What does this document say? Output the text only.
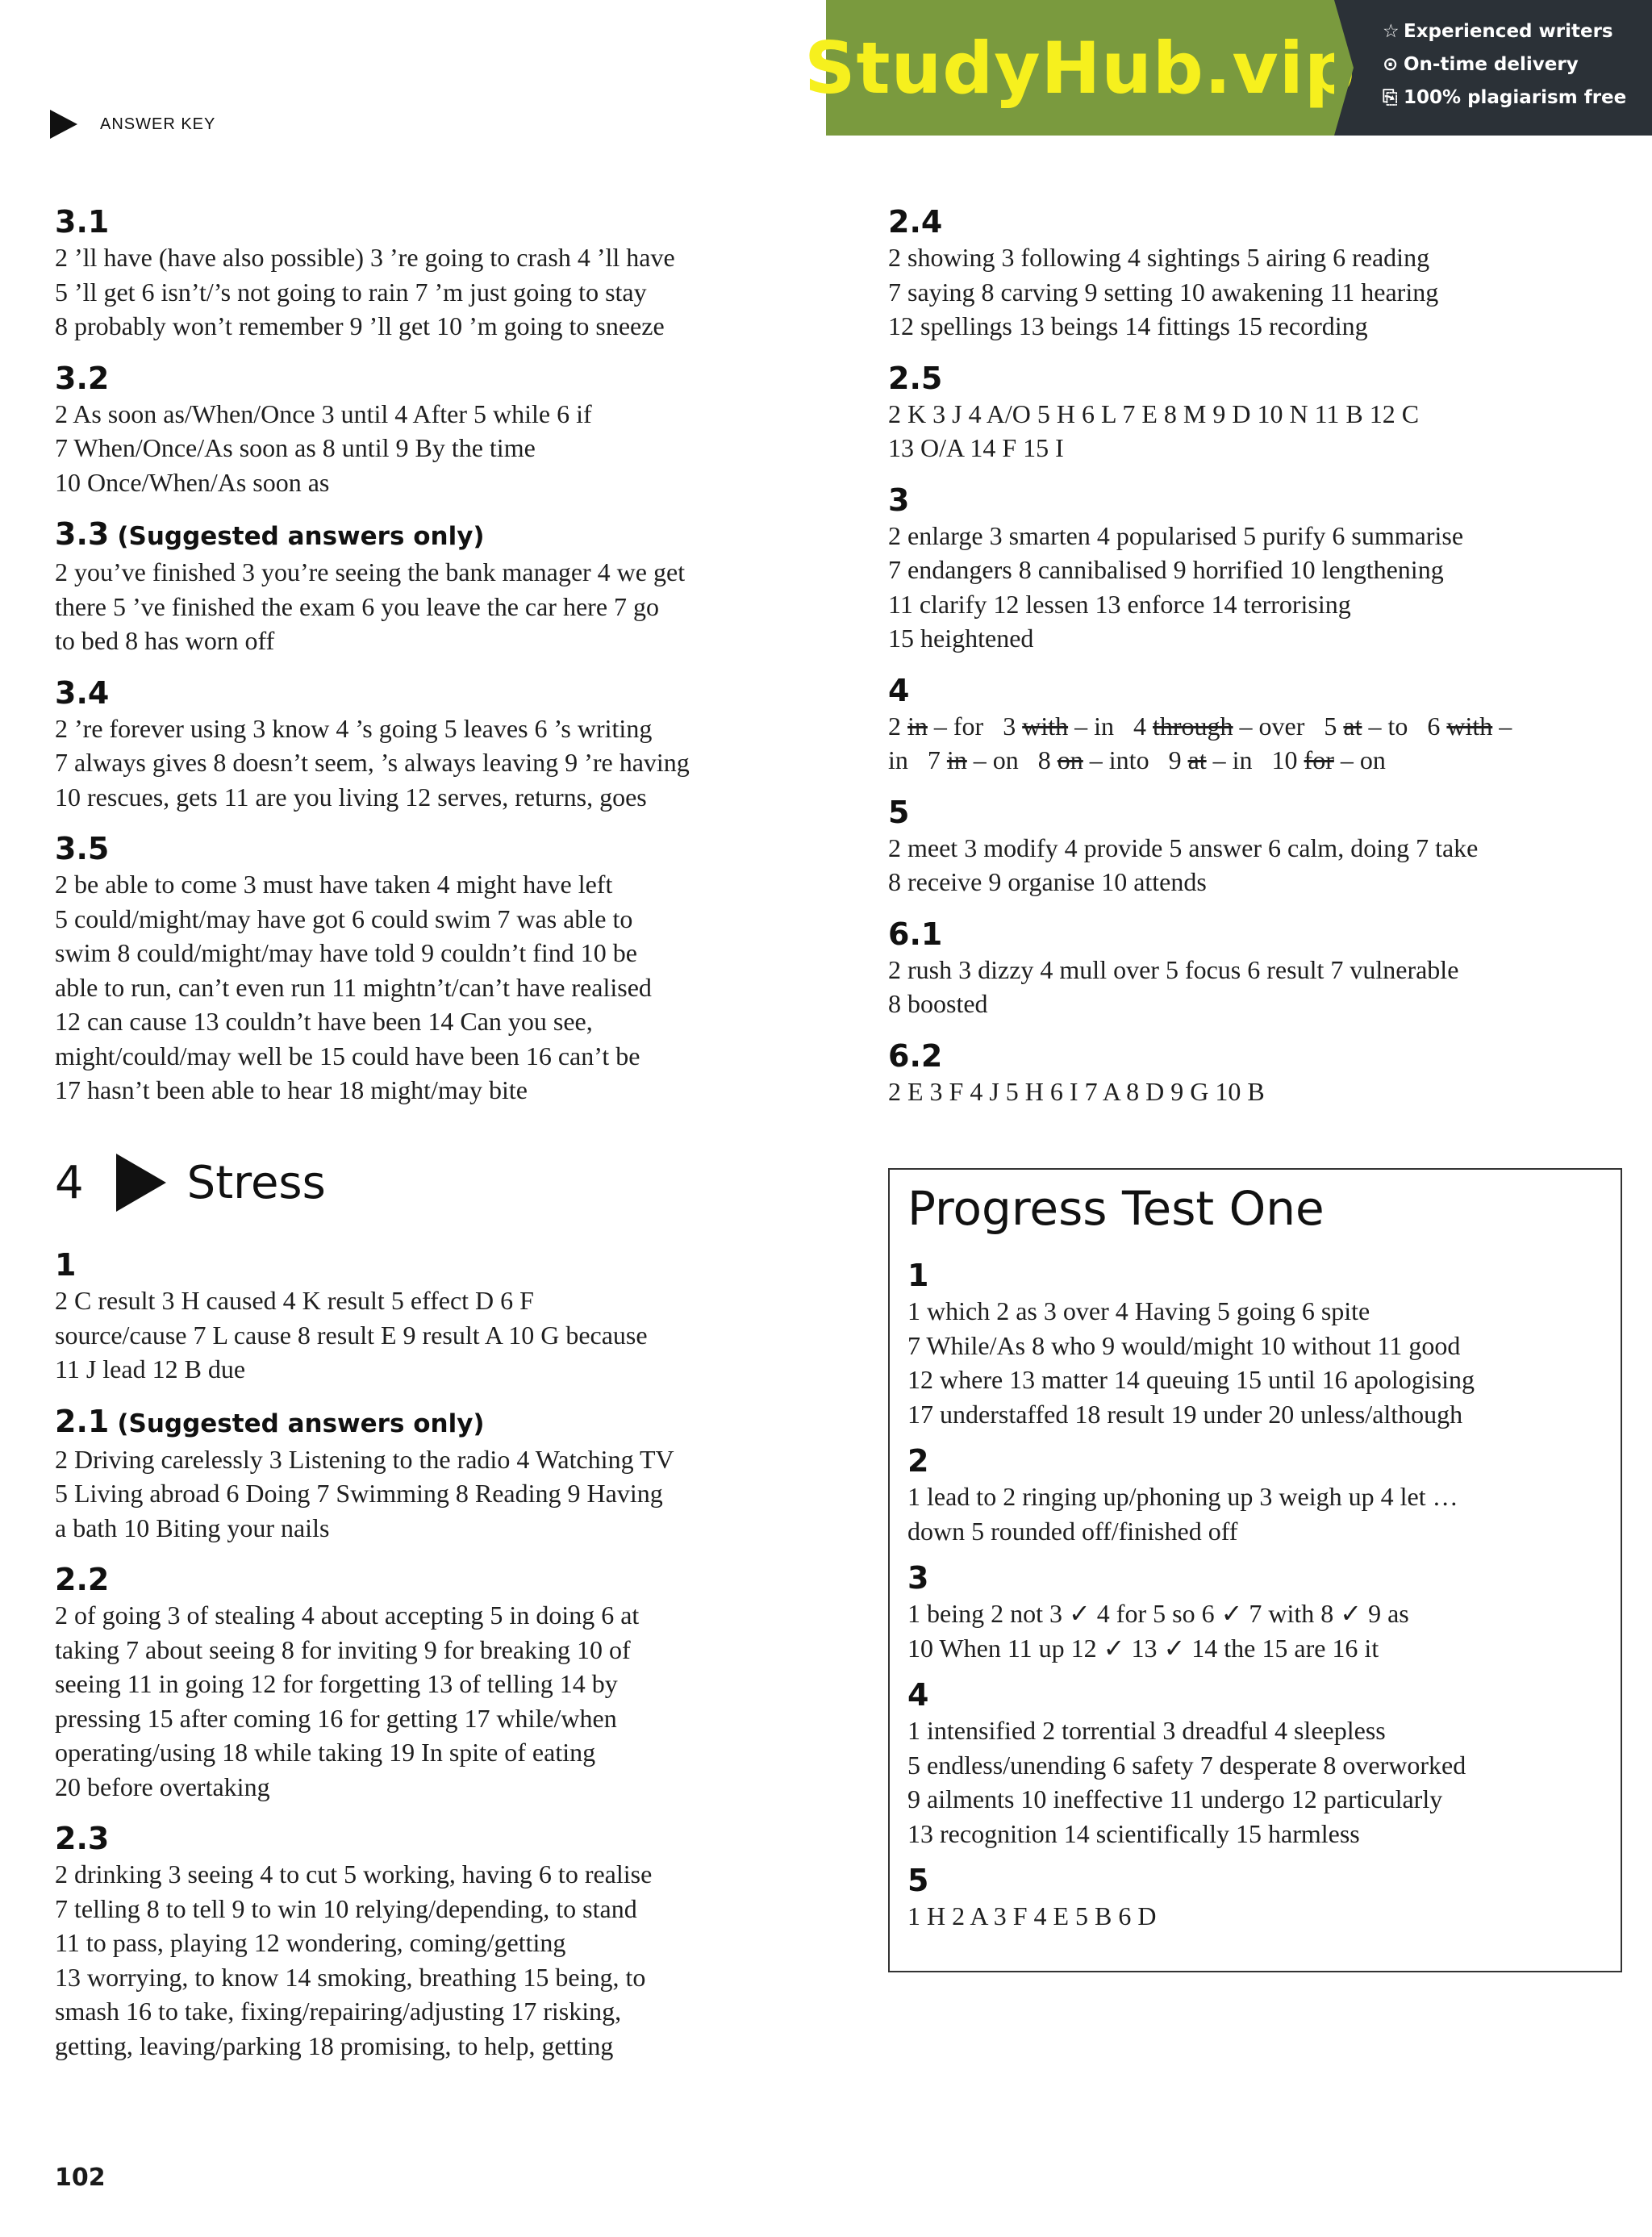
ANSWER KEY
StudyHub.vip ☆ Experienced writers
⊙ On-time delivery
⎘ 100% plagiarism free
3.1
2 ’ll have (have also possible) 3 ’re going to crash 4 ’ll have
5 ’ll get 6 isn’t/’s not going to rain 7 ’m just going to stay
8 probably won’t remember 9 ’ll get 10 ’m going to sneeze
3.2
2 As soon as/When/Once 3 until 4 After 5 while 6 if
7 When/Once/As soon as 8 until 9 By the time
10 Once/When/As soon as
3.3 (Suggested answers only)
2 you’ve finished 3 you’re seeing the bank manager 4 we get
there 5 ’ve finished the exam 6 you leave the car here 7 go
to bed 8 has worn off
3.4
2 ’re forever using 3 know 4 ’s going 5 leaves 6 ’s writing
7 always gives 8 doesn’t seem, ’s always leaving 9 ’re having
10 rescues, gets 11 are you living 12 serves, returns, goes
3.5
2 be able to come 3 must have taken 4 might have left
5 could/might/may have got 6 could swim 7 was able to
swim 8 could/might/may have told 9 couldn’t find 10 be
able to run, can’t even run 11 mightn’t/can’t have realised
12 can cause 13 couldn’t have been 14 Can you see,
might/could/may well be 15 could have been 16 can’t be
17 hasn’t been able to hear 18 might/may bite
4 Stress
1
2 C result 3 H caused 4 K result 5 effect D 6 F
source/cause 7 L cause 8 result E 9 result A 10 G because
11 J lead 12 B due
2.1 (Suggested answers only)
2 Driving carelessly 3 Listening to the radio 4 Watching TV
5 Living abroad 6 Doing 7 Swimming 8 Reading 9 Having
a bath 10 Biting your nails
2.2
2 of going 3 of stealing 4 about accepting 5 in doing 6 at
taking 7 about seeing 8 for inviting 9 for breaking 10 of
seeing 11 in going 12 for forgetting 13 of telling 14 by
pressing 15 after coming 16 for getting 17 while/when
operating/using 18 while taking 19 In spite of eating
20 before overtaking
2.3
2 drinking 3 seeing 4 to cut 5 working, having 6 to realise
7 telling 8 to tell 9 to win 10 relying/depending, to stand
11 to pass, playing 12 wondering, coming/getting
13 worrying, to know 14 smoking, breathing 15 being, to
smash 16 to take, fixing/repairing/adjusting 17 risking,
getting, leaving/parking 18 promising, to help, getting
2.4
2 showing 3 following 4 sightings 5 airing 6 reading
7 saying 8 carving 9 setting 10 awakening 11 hearing
12 spellings 13 beings 14 fittings 15 recording
2.5
2 K 3 J 4 A/O 5 H 6 L 7 E 8 M 9 D 10 N 11 B 12 C
13 O/A 14 F 15 I
3
2 enlarge 3 smarten 4 popularised 5 purify 6 summarise
7 endangers 8 cannibalised 9 horrified 10 lengthening
11 clarify 12 lessen 13 enforce 14 terrorising
15 heightened
4
2 in – for 3 with – in 4 through – over 5 at – to 6 with –
in 7 in – on 8 on – into 9 at – in 10 for – on
5
2 meet 3 modify 4 provide 5 answer 6 calm, doing 7 take
8 receive 9 organise 10 attends
6.1
2 rush 3 dizzy 4 mull over 5 focus 6 result 7 vulnerable
8 boosted
6.2
2 E 3 F 4 J 5 H 6 I 7 A 8 D 9 G 10 B
Progress Test One
1
1 which 2 as 3 over 4 Having 5 going 6 spite
7 While/As 8 who 9 would/might 10 without 11 good
12 where 13 matter 14 queuing 15 until 16 apologising
17 understaffed 18 result 19 under 20 unless/although
2
1 lead to 2 ringing up/phoning up 3 weigh up 4 let …
down 5 rounded off/finished off
3
1 being 2 not 3 ✓ 4 for 5 so 6 ✓ 7 with 8 ✓ 9 as
10 When 11 up 12 ✓ 13 ✓ 14 the 15 are 16 it
4
1 intensified 2 torrential 3 dreadful 4 sleepless
5 endless/unending 6 safety 7 desperate 8 overworked
9 ailments 10 ineffective 11 undergo 12 particularly
13 recognition 14 scientifically 15 harmless
5
1 H 2 A 3 F 4 E 5 B 6 D
102
